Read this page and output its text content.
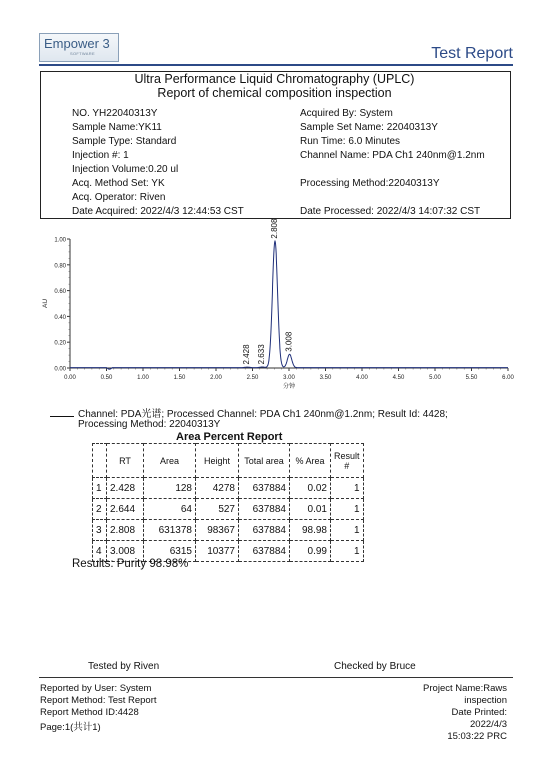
Empower 3
SOFTWARE	Test Report
Ultra Performance Liquid Chromatography (UPLC)
Report of chemical composition inspection
NO. YH22040313Y
Sample Name:YK11
Sample Type: Standard
Injection #: 1
Injection Volume:0.20 ul
Acq. Method Set: YK
Acq. Operator: Riven
Date Acquired: 2022/4/3 12:44:53 CST
Acquired By: System
Sample Set Name: 22040313Y
Run Time: 6.0 Minutes
Channel Name: PDA Ch1 240nm@1.2nm
Processing Method:22040313Y
Date Processed: 2022/4/3 14:07:32 CST
0.00
0.20
0.40
0.60
0.80
1.00
0.00	0.50	1.00	1.50	2.00	2.50	3.00	3.50	4.00	4.50	5.00	5.50	6.00
分钟
AU
2.428 2.633
2.808
3.008
Channel: PDA光谱; Processed Channel: PDA Ch1 240nm@1.2nm; Result Id: 4428;
Processing Method: 22040313Y
Area Percent Report
	RT	Area	Height	Total area	% Area	Result #
1	2.428	128	4278	637884	0.02	1
2	2.644	64	527	637884	0.01	1
3	2.808	631378	98367	637884	98.98	1
4	3.008	6315	10377	637884	0.99	1
Results: Purity 98.98%
Tested by Riven	Checked by Bruce
Reported by User: System
Report Method: Test Report
Report Method ID:4428
Page:1(共计1)
Project Name:Raws
inspection
Date Printed:
2022/4/3
15:03:22 PRC
